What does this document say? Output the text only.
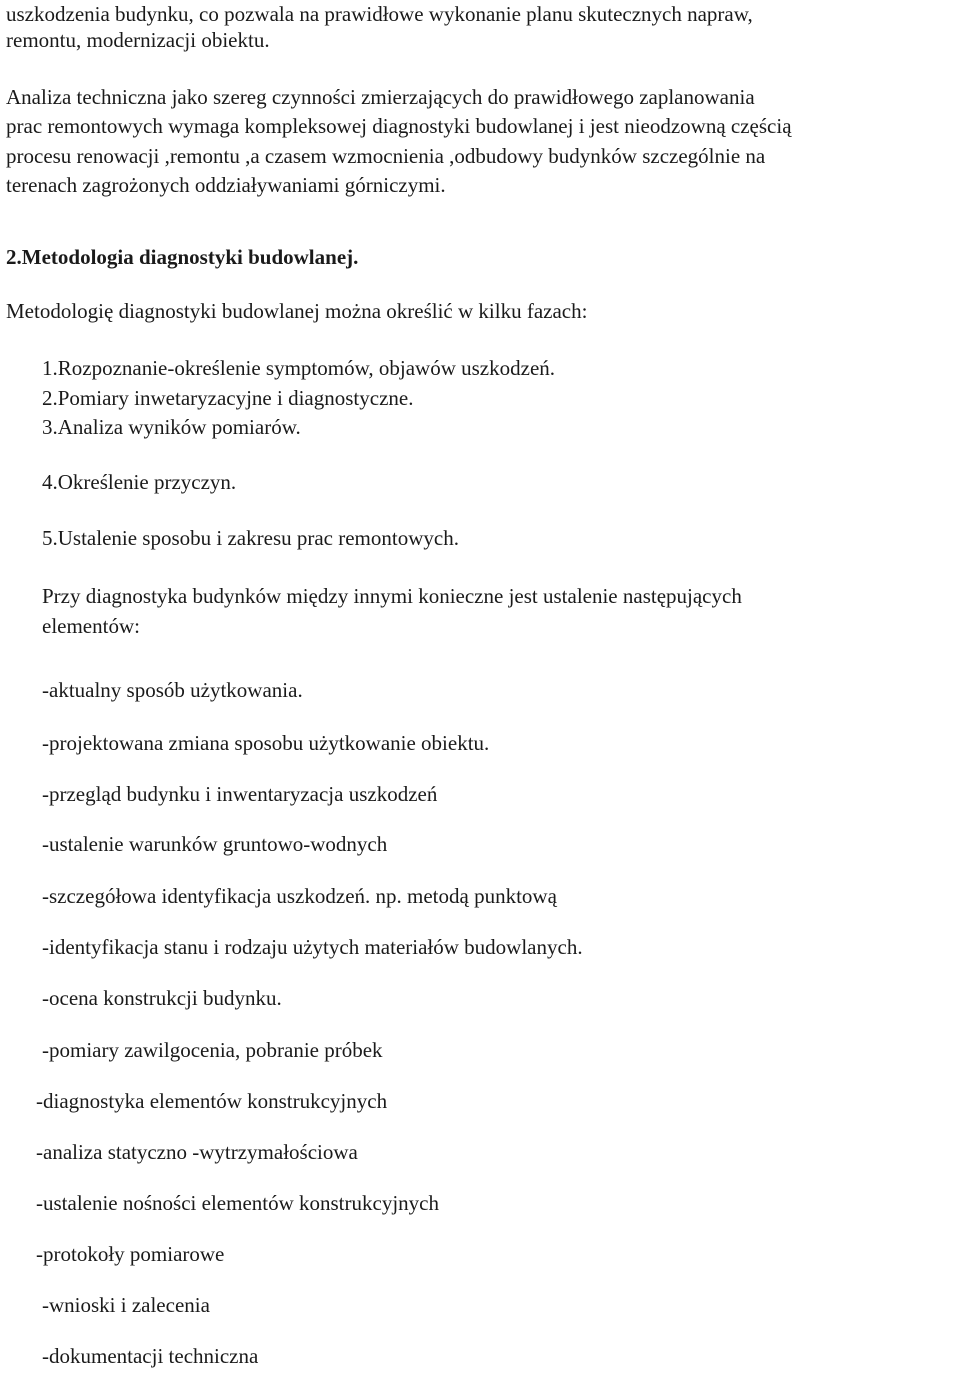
uszkodzenia budynku, co pozwala na prawidłowe wykonanie planu skutecznych napraw,
remontu, modernizacji obiektu.
Analiza techniczna jako szereg czynności zmierzających do prawidłowego zaplanowania
prac remontowych wymaga kompleksowej diagnostyki budowlanej i jest nieodzowną częścią
procesu renowacji ,remontu ,a czasem wzmocnienia ,odbudowy budynków szczególnie na
terenach zagrożonych oddziaływaniami górniczymi.
2.Metodologia diagnostyki budowlanej.
Metodologię diagnostyki budowlanej można określić w kilku fazach:
1.Rozpoznanie-określenie symptomów, objawów uszkodzeń.
2.Pomiary inwetaryzacyjne i diagnostyczne.
3.Analiza wyników pomiarów.
4.Określenie przyczyn.
5.Ustalenie sposobu i zakresu prac remontowych.
Przy diagnostyka budynków między innymi konieczne jest ustalenie następujących
elementów:
-aktualny sposób użytkowania.
-projektowana zmiana sposobu użytkowanie obiektu.
-przegląd budynku i inwentaryzacja uszkodzeń
-ustalenie warunków gruntowo-wodnych
-szczegółowa identyfikacja uszkodzeń. np. metodą punktową
-identyfikacja stanu i rodzaju użytych materiałów budowlanych.
-ocena konstrukcji budynku.
-pomiary zawilgocenia, pobranie próbek
-diagnostyka elementów konstrukcyjnych
-analiza statyczno -wytrzymałościowa
-ustalenie nośności elementów konstrukcyjnych
-protokoły pomiarowe
-wnioski i zalecenia
-dokumentacji techniczna
